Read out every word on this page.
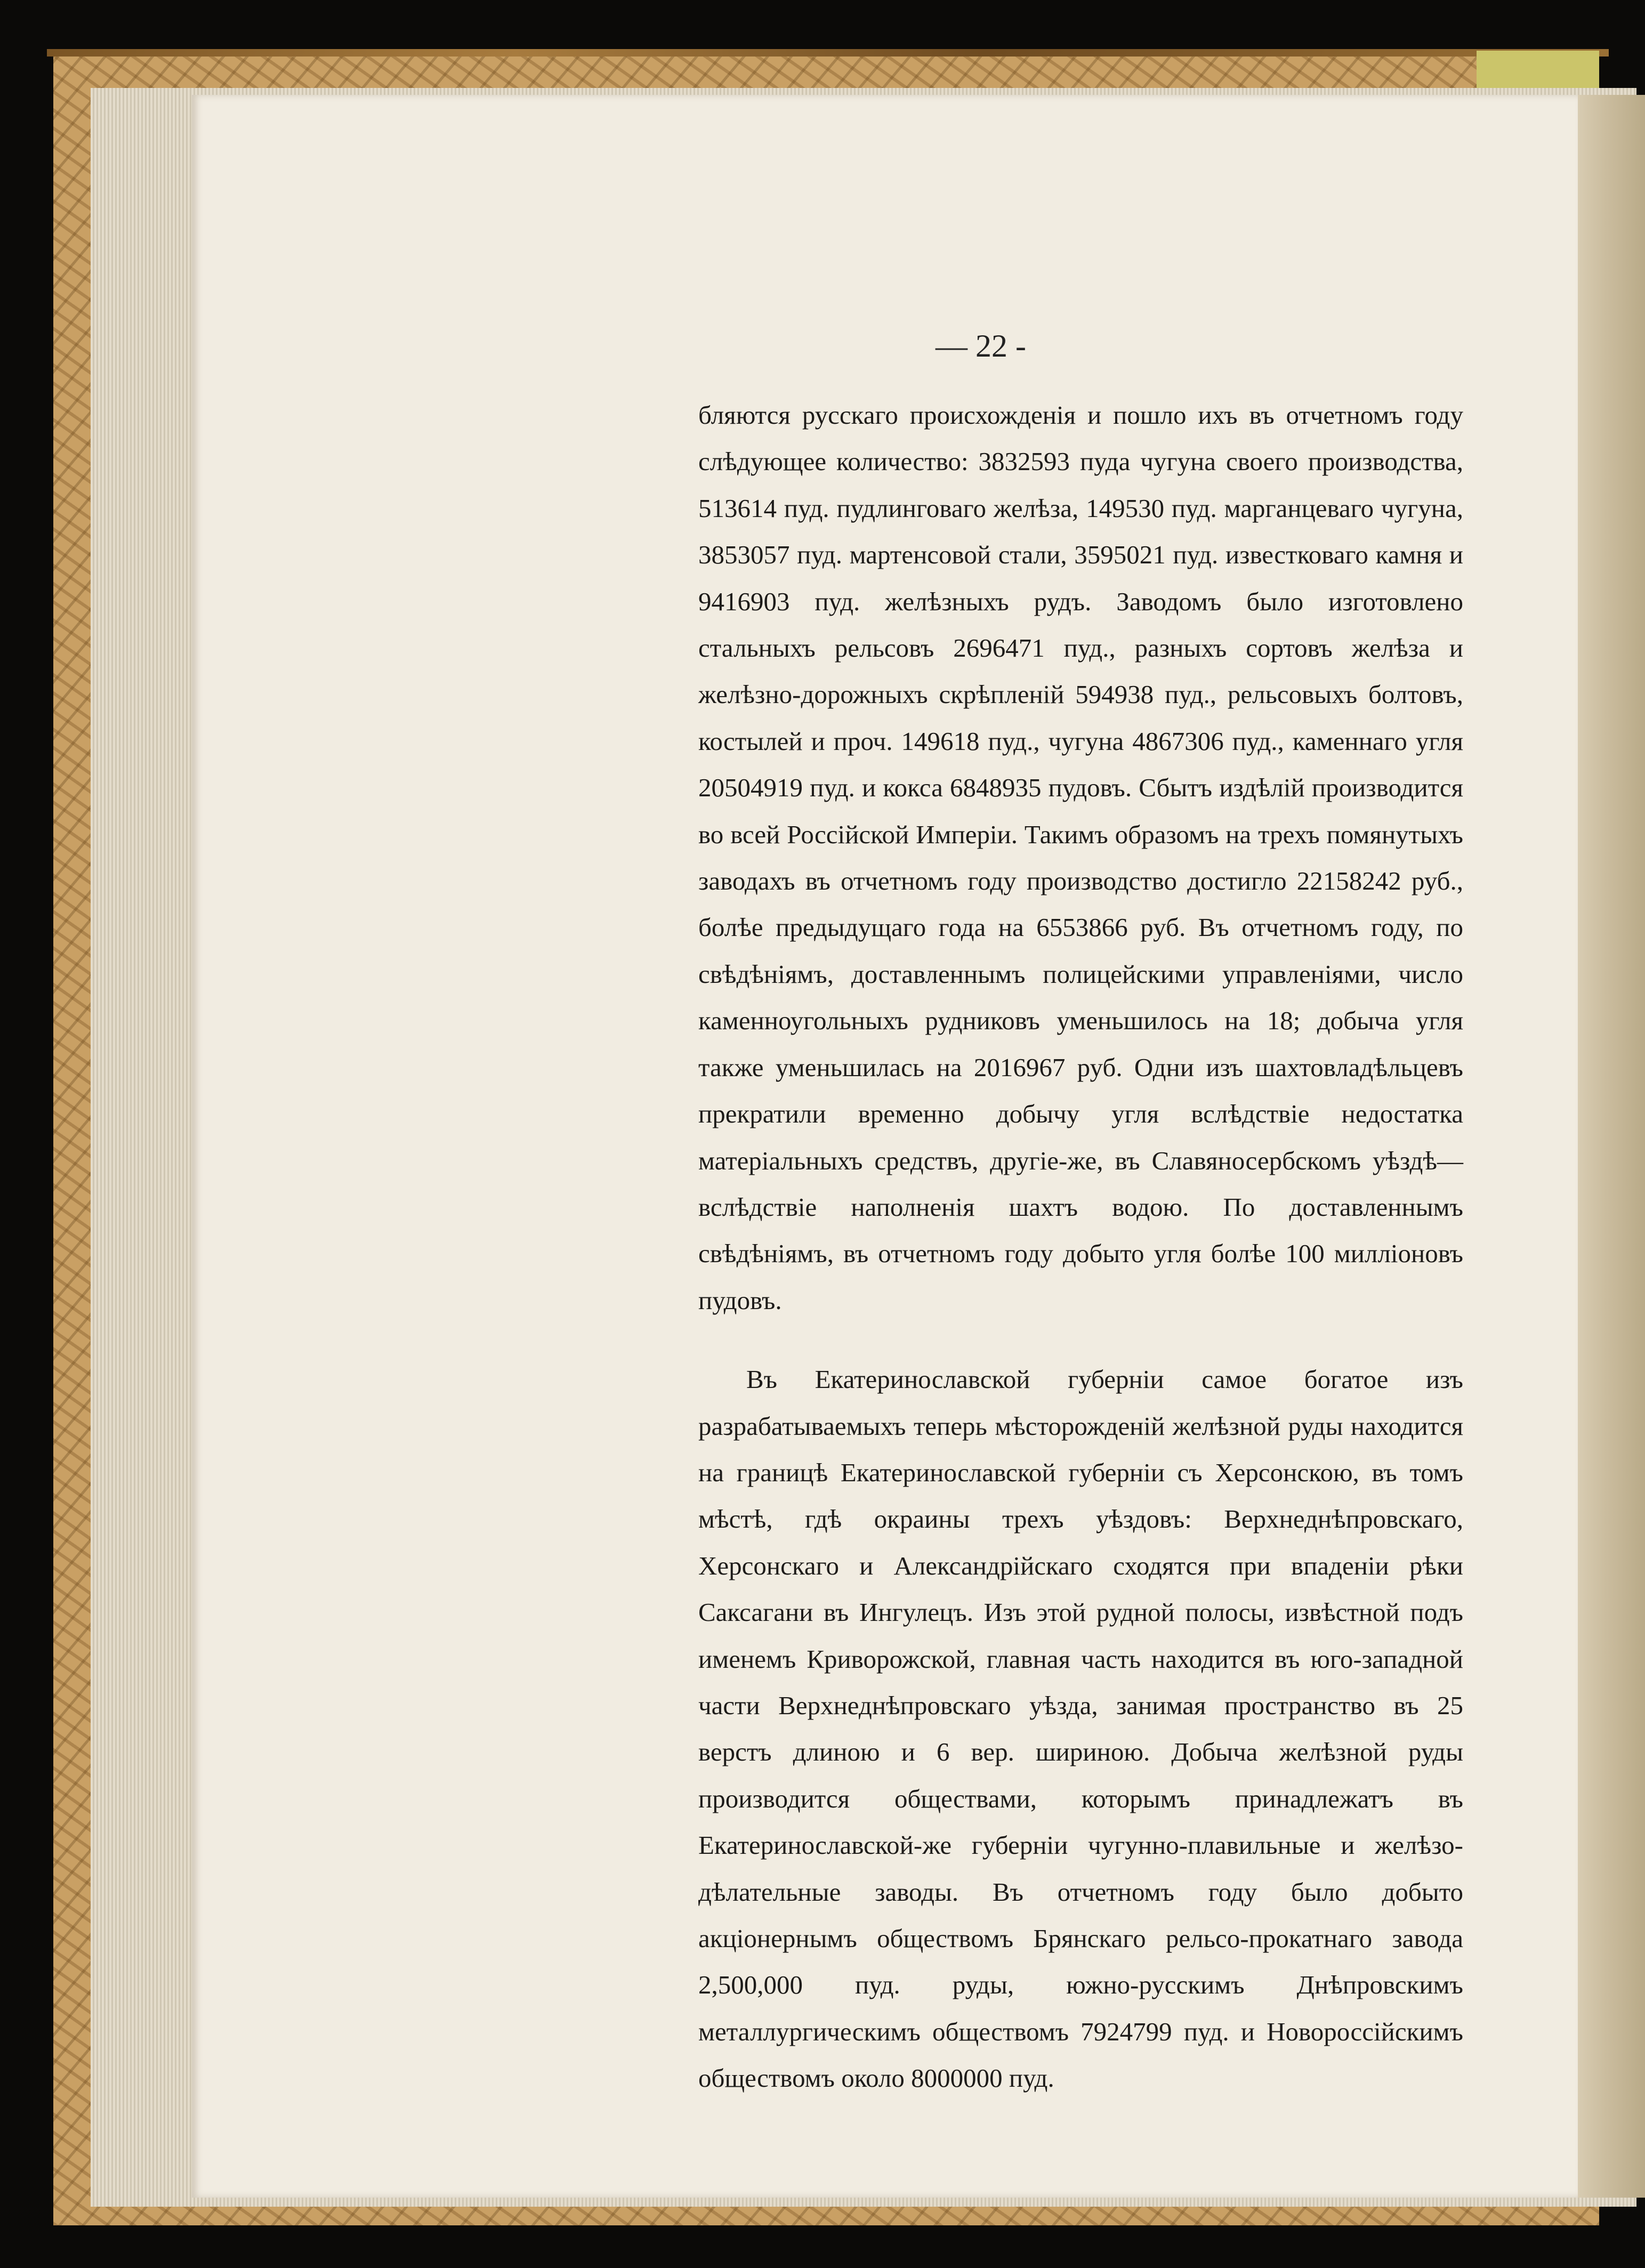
— 22 -

бляются русскаго происхожденія и пошло ихъ въ отчетномъ году слѣдующее количество: 3832593 пуда чугуна своего производства, 513614 пуд. пудлинговаго желѣза, 149530 пуд. марганцеваго чугуна, 3853057 пуд. мартенсовой стали, 3595021 пуд. известковаго камня и 9416903 пуд. желѣзныхъ рудъ. Заводомъ было изготовлено стальныхъ рельсовъ 2696471 пуд., разныхъ сортовъ желѣза и желѣзно-дорожныхъ скрѣпленій 594938 пуд., рельсовыхъ болтовъ, костылей и проч. 149618 пуд., чугуна 4867306 пуд., каменнаго угля 20504919 пуд. и кокса 6848935 пудовъ. Сбытъ издѣлій производится во всей Россійской Имперіи. Такимъ образомъ на трехъ помянутыхъ заводахъ въ отчетномъ году производство достигло 22158242 руб., болѣе предыдущаго года на 6553866 руб. Въ отчетномъ году, по свѣдѣніямъ, доставленнымъ полицейскими управленіями, число каменноугольныхъ рудниковъ уменьшилось на 18; добыча угля также уменьшилась на 2016967 руб. Одни изъ шахтовладѣльцевъ прекратили временно добычу угля вслѣдствіе недостатка матеріальныхъ средствъ, другіе-же, въ Славяносербскомъ уѣздѣ—вслѣдствіе наполненія шахтъ водою. По доставленнымъ свѣдѣніямъ, въ отчетномъ году добыто угля болѣе 100 милліоновъ пудовъ.

Въ Екатеринославской губерніи самое богатое изъ разрабатываемыхъ теперь мѣсторожденій желѣзной руды находится на границѣ Екатеринославской губерніи съ Херсонскою, въ томъ мѣстѣ, гдѣ окраины трехъ уѣздовъ: Верхнеднѣпровскаго, Херсонскаго и Александрійскаго сходятся при впаденіи рѣки Саксагани въ Ингулецъ. Изъ этой рудной полосы, извѣстной подъ именемъ Криворожской, главная часть находится въ юго-западной части Верхнеднѣпровскаго уѣзда, занимая пространство въ 25 верстъ длиною и 6 вер. шириною. Добыча желѣзной руды производится обществами, которымъ принадлежатъ въ Екатеринославской-же губерніи чугунно-плавильные и желѣзо-дѣлательные заводы. Въ отчетномъ году было добыто акціонернымъ обществомъ Брянскаго рельсо-прокатнаго завода 2,500,000 пуд. руды, южно-русскимъ Днѣпровскимъ металлургическимъ обществомъ 7924799 пуд. и Новороссійскимъ обществомъ около 8000000 пуд.
